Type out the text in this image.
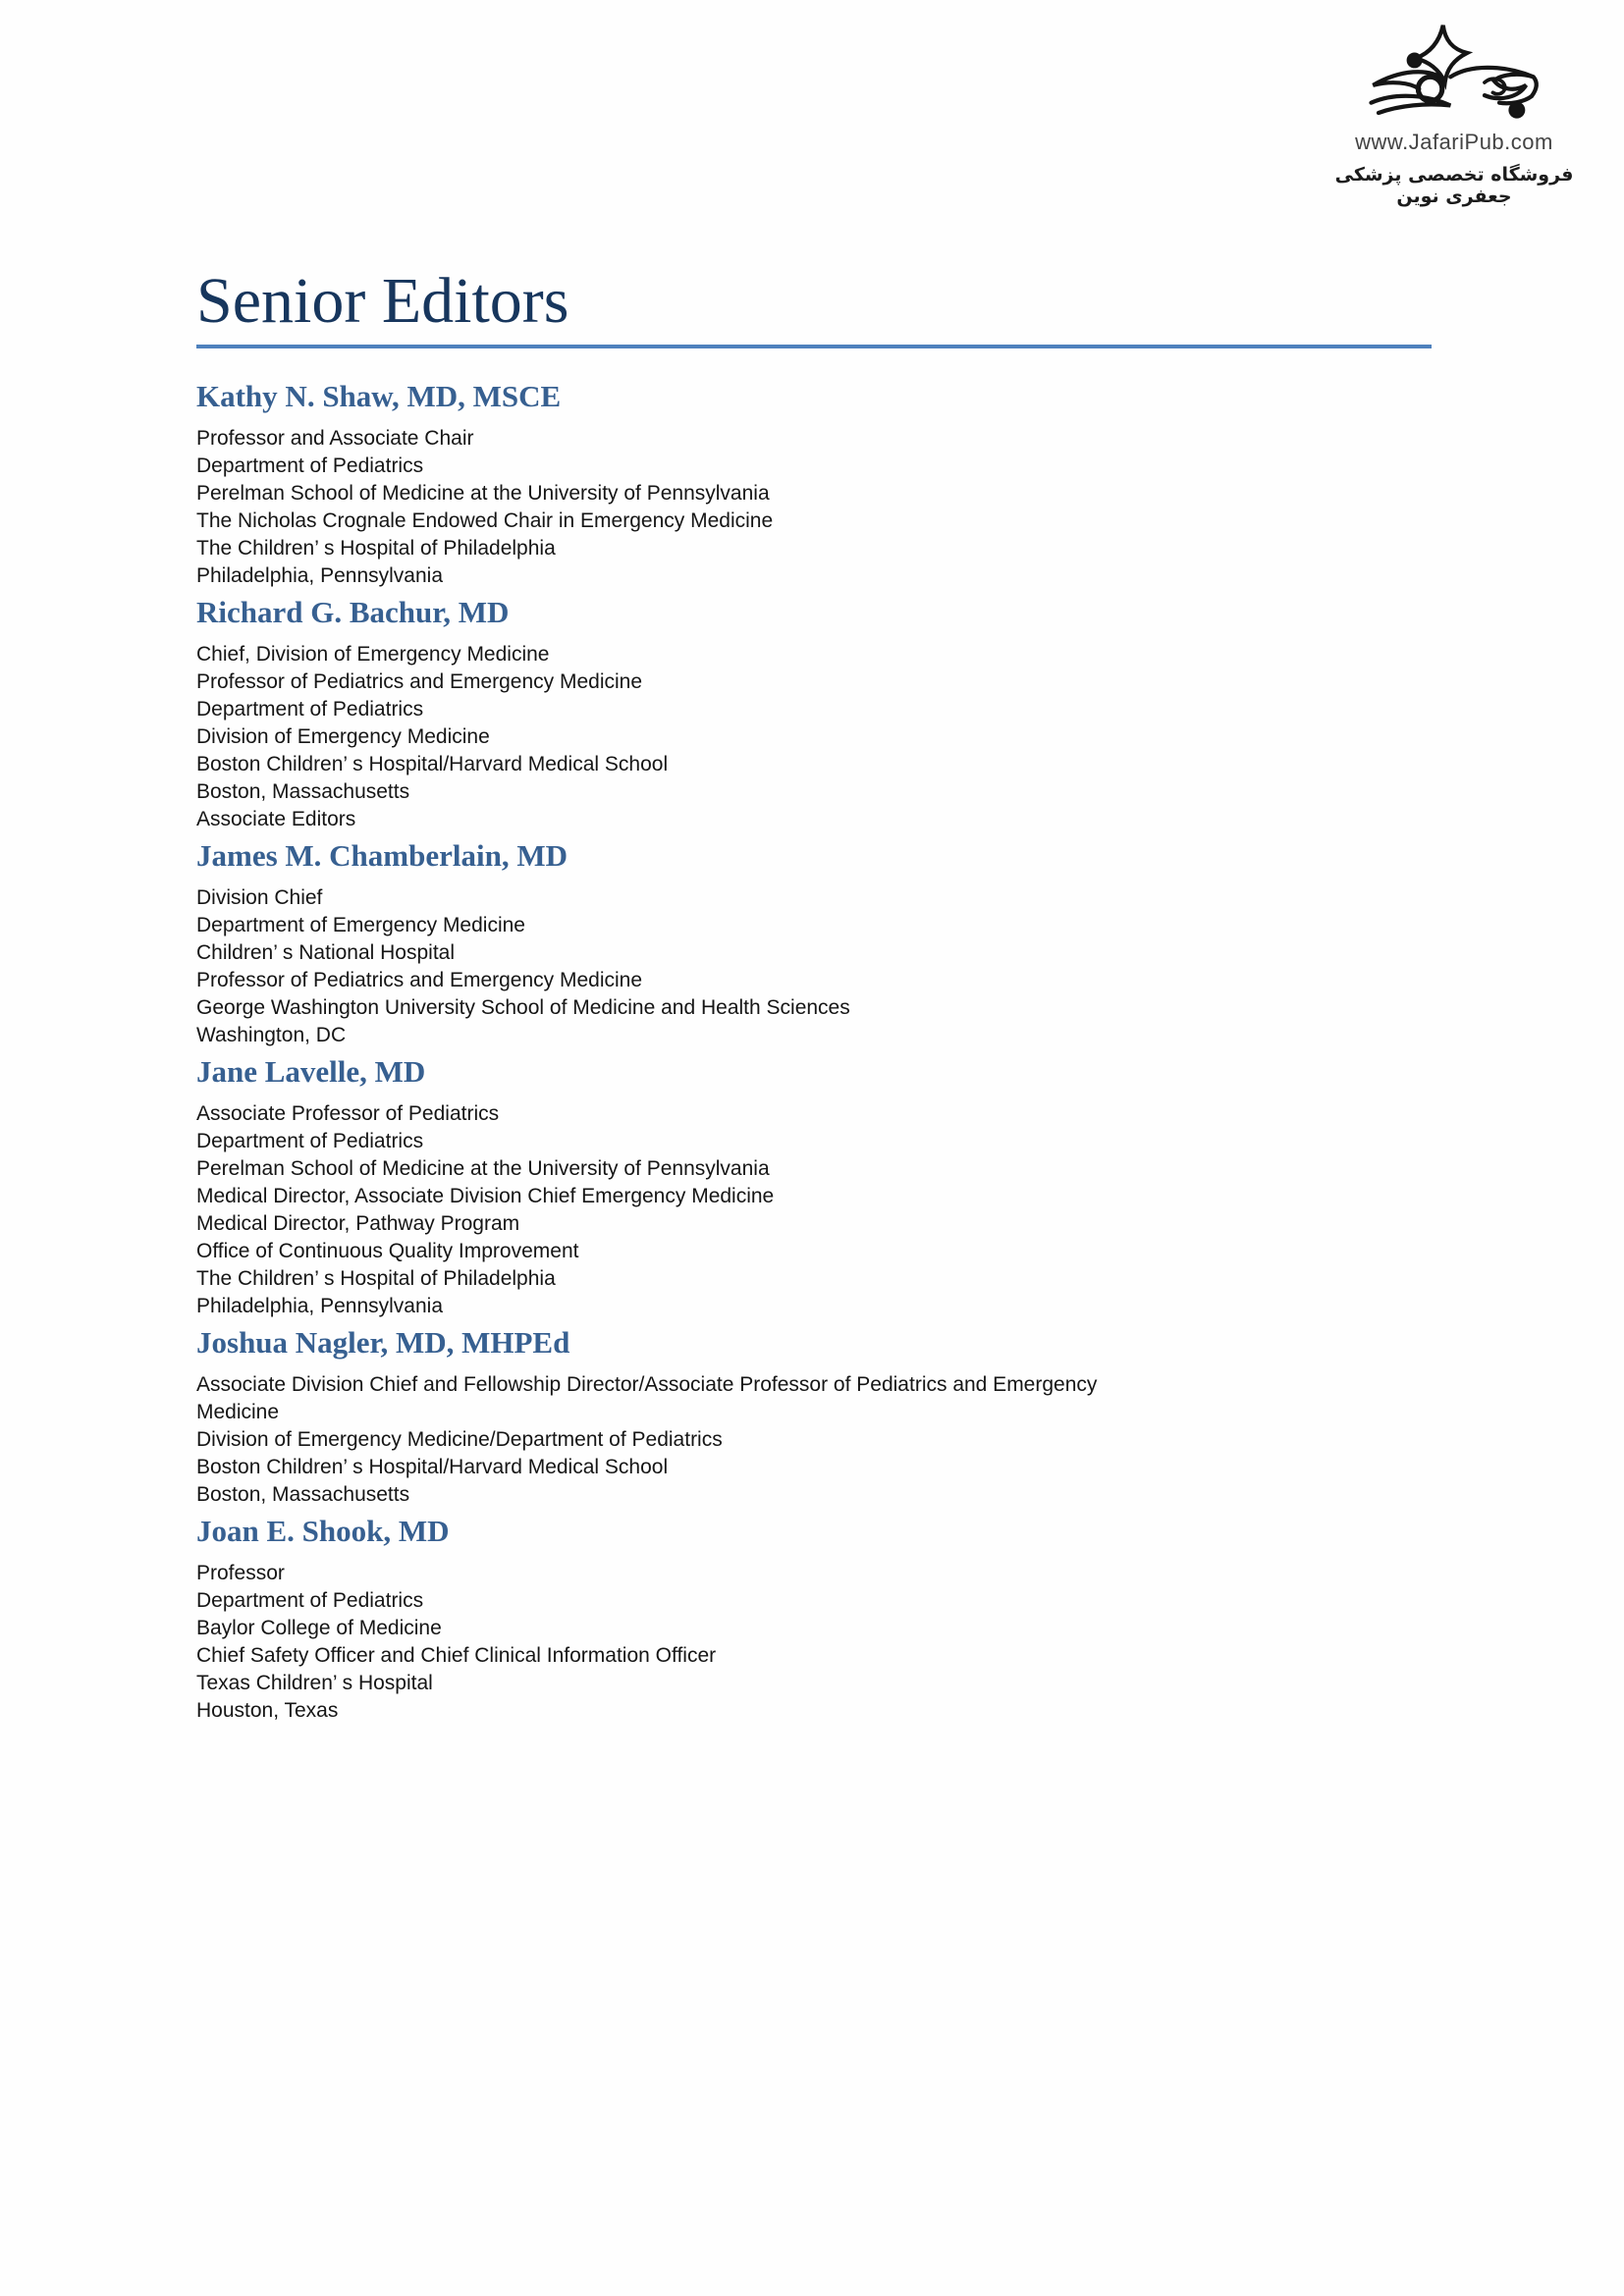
www.JafariPub.com
فروشگاه تخصصی پزشکی جعفری نوین
Senior Editors
Kathy N. Shaw, MD, MSCE
Professor and Associate Chair
Department of Pediatrics
Perelman School of Medicine at the University of Pennsylvania
The Nicholas Crognale Endowed Chair in Emergency Medicine
The Children’ s Hospital of Philadelphia
Philadelphia, Pennsylvania
Richard G. Bachur, MD
Chief, Division of Emergency Medicine
Professor of Pediatrics and Emergency Medicine
Department of Pediatrics
Division of Emergency Medicine
Boston Children’ s Hospital/Harvard Medical School
Boston, Massachusetts
Associate Editors
James M. Chamberlain, MD
Division Chief
Department of Emergency Medicine
Children’ s National Hospital
Professor of Pediatrics and Emergency Medicine
George Washington University School of Medicine and Health Sciences
Washington, DC
Jane Lavelle, MD
Associate Professor of Pediatrics
Department of Pediatrics
Perelman School of Medicine at the University of Pennsylvania
Medical Director, Associate Division Chief Emergency Medicine
Medical Director, Pathway Program
Office of Continuous Quality Improvement
The Children’ s Hospital of Philadelphia
Philadelphia, Pennsylvania
Joshua Nagler, MD, MHPEd
Associate Division Chief and Fellowship Director/Associate Professor of Pediatrics and Emergency
Medicine
Division of Emergency Medicine/Department of Pediatrics
Boston Children’ s Hospital/Harvard Medical School
Boston, Massachusetts
Joan E. Shook, MD
Professor
Department of Pediatrics
Baylor College of Medicine
Chief Safety Officer and Chief Clinical Information Officer
Texas Children’ s Hospital
Houston, Texas
